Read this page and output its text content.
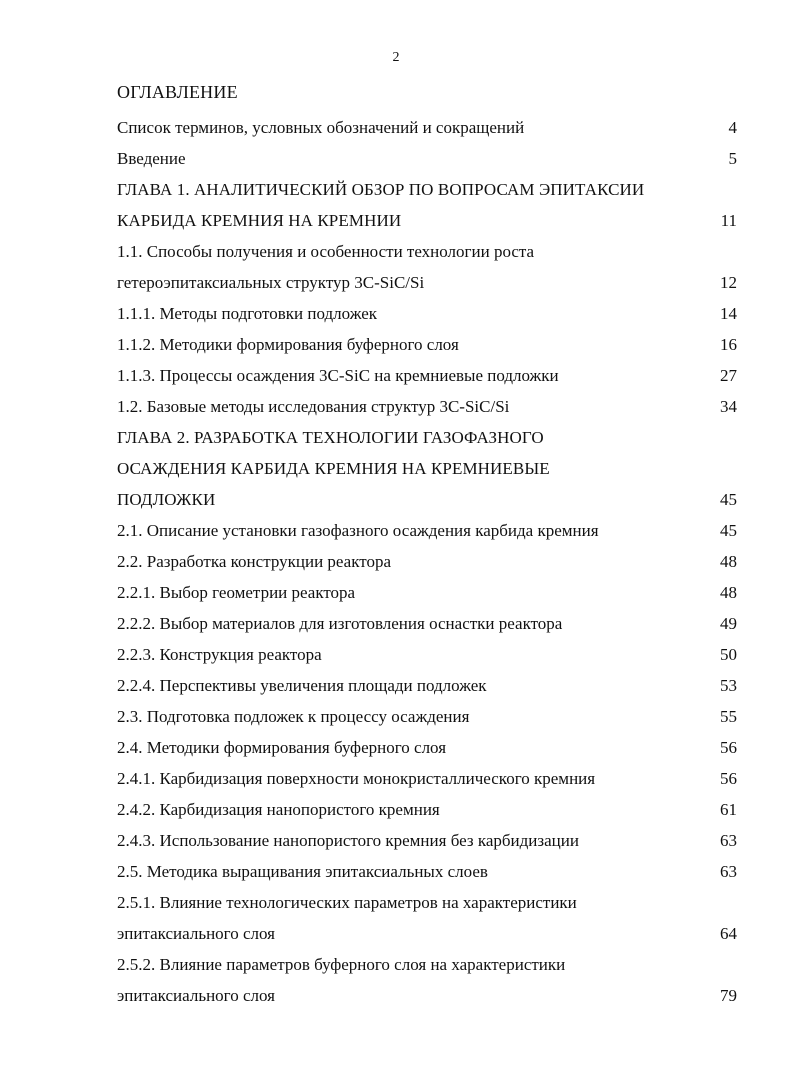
2
ОГЛАВЛЕНИЕ
Список терминов, условных обозначений и сокращений	4
Введение	5
ГЛАВА 1. АНАЛИТИЧЕСКИЙ ОБЗОР ПО ВОПРОСАМ ЭПИТАКСИИ
КАРБИДА КРЕМНИЯ НА КРЕМНИИ	11
1.1. Способы получения и особенности технологии роста
гетероэпитаксиальных структур 3C-SiC/Si	12
1.1.1. Методы подготовки подложек	14
1.1.2. Методики формирования буферного слоя	16
1.1.3. Процессы осаждения 3C-SiC на кремниевые подложки	27
1.2. Базовые методы исследования структур 3C-SiC/Si	34
ГЛАВА 2. РАЗРАБОТКА ТЕХНОЛОГИИ ГАЗОФАЗНОГО
ОСАЖДЕНИЯ КАРБИДА КРЕМНИЯ НА КРЕМНИЕВЫЕ
ПОДЛОЖКИ	45
2.1. Описание установки газофазного осаждения карбида кремния	45
2.2. Разработка конструкции реактора	48
2.2.1. Выбор геометрии реактора	48
2.2.2. Выбор материалов для изготовления оснастки реактора	49
2.2.3. Конструкция реактора	50
2.2.4. Перспективы увеличения площади подложек	53
2.3. Подготовка подложек к процессу осаждения	55
2.4. Методики формирования буферного слоя	56
2.4.1. Карбидизация поверхности монокристаллического кремния	56
2.4.2. Карбидизация нанопористого кремния	61
2.4.3. Использование нанопористого кремния без карбидизации	63
2.5. Методика выращивания эпитаксиальных слоев	63
2.5.1. Влияние технологических параметров на характеристики
эпитаксиального слоя	64
2.5.2. Влияние параметров буферного слоя на характеристики
эпитаксиального слоя	79
